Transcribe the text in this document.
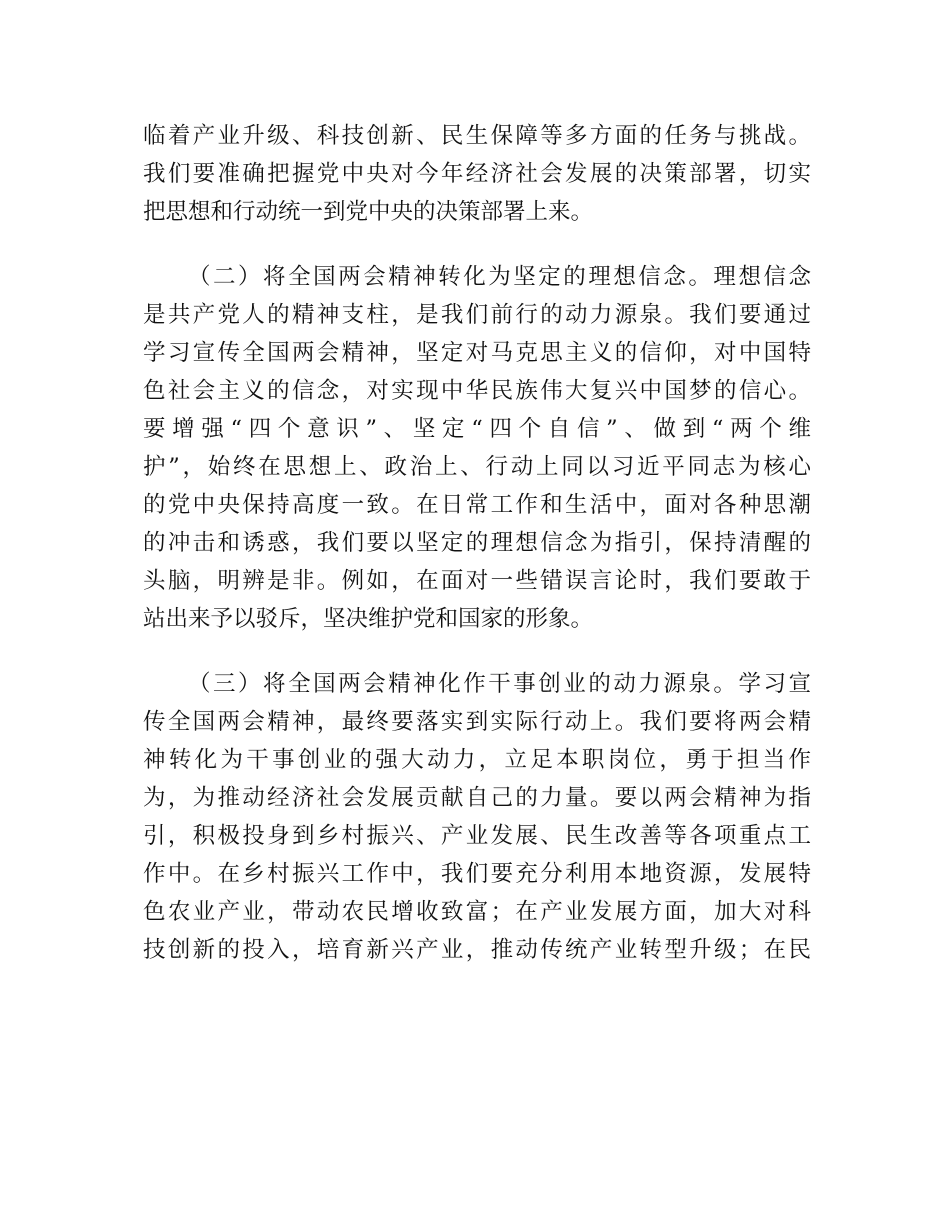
临着产业升级、科技创新、民生保障等多方面的任务与挑战。
我们要准确把握党中央对今年经济社会发展的决策部署，切实
把思想和行动统一到党中央的决策部署上来。
（二）将全国两会精神转化为坚定的理想信念。理想信念
是共产党人的精神支柱，是我们前行的动力源泉。我们要通过
学习宣传全国两会精神，坚定对马克思主义的信仰，对中国特
色社会主义的信念，对实现中华民族伟大复兴中国梦的信心。
要增强“四个意识”、坚定“四个自信”、做到“两个维
护”，始终在思想上、政治上、行动上同以习近平同志为核心
的党中央保持高度一致。在日常工作和生活中，面对各种思潮
的冲击和诱惑，我们要以坚定的理想信念为指引，保持清醒的
头脑，明辨是非。例如，在面对一些错误言论时，我们要敢于
站出来予以驳斥，坚决维护党和国家的形象。
（三）将全国两会精神化作干事创业的动力源泉。学习宣
传全国两会精神，最终要落实到实际行动上。我们要将两会精
神转化为干事创业的强大动力，立足本职岗位，勇于担当作
为，为推动经济社会发展贡献自己的力量。要以两会精神为指
引，积极投身到乡村振兴、产业发展、民生改善等各项重点工
作中。在乡村振兴工作中，我们要充分利用本地资源，发展特
色农业产业，带动农民增收致富；在产业发展方面，加大对科
技创新的投入，培育新兴产业，推动传统产业转型升级；在民
